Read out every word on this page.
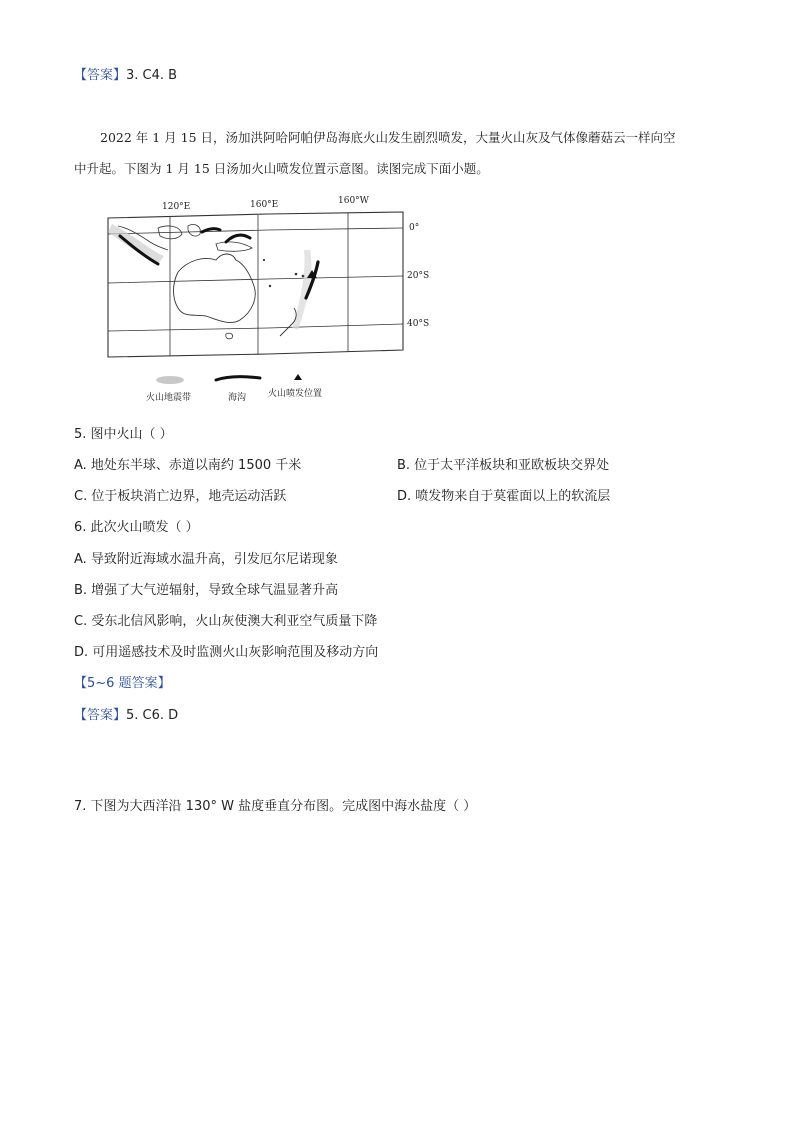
【答案】3. C4. B
2022 年 1 月 15 日，汤加洪阿哈阿帕伊岛海底火山发生剧烈喷发，大量火山灰及气体像蘑菇云一样向空
中升起。下图为 1 月 15 日汤加火山喷发位置示意图。读图完成下面小题。
120°E	160°E	160°W
0°
20°S
40°S
火山地震带	海沟 火山喷发位置
5. 图中火山（ ）
A. 地处东半球、赤道以南约 1500 千米	B. 位于太平洋板块和亚欧板块交界处
C. 位于板块消亡边界，地壳运动活跃	D. 喷发物来自于莫霍面以上的软流层
6. 此次火山喷发（ ）
A. 导致附近海域水温升高，引发厄尔尼诺现象
B. 增强了大气逆辐射，导致全球气温显著升高
C. 受东北信风影响，火山灰使澳大利亚空气质量下降
D. 可用遥感技术及时监测火山灰影响范围及移动方向
【5~6 题答案】
【答案】5. C6. D
7. 下图为大西洋沿 130° W 盐度垂直分布图。完成图中海水盐度（ ）
